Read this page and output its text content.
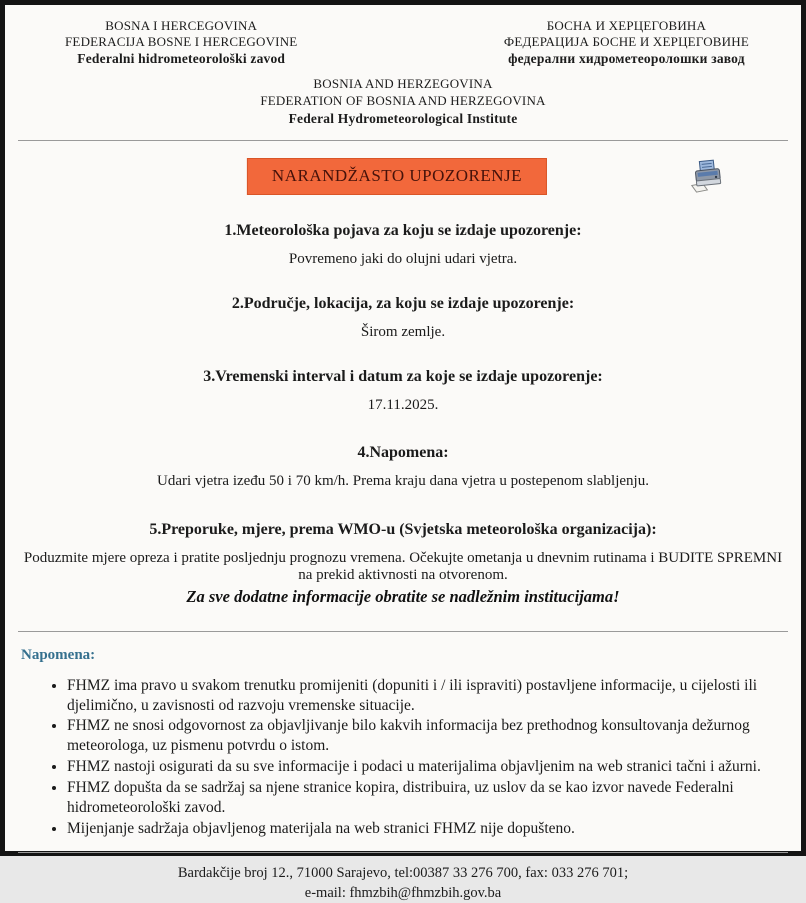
BOSNA I HERCEGOVINA
FEDERACIJA BOSNE I HERCEGOVINE
Federalni hidrometeorološki zavod
БОСНА И ХЕРЦЕГОВИНА
ФЕДЕРАЦИЈА БОСНЕ И ХЕРЦЕГОВИНЕ
федерални хидрометеоролошки завод
BOSNIA AND HERZEGOVINA
FEDERATION OF BOSNIA AND HERZEGOVINA
Federal Hydrometeorological Institute
NARANDŽASTO UPOZORENJE
1.Meteorološka pojava za koju se izdaje upozorenje:
Povremeno jaki do olujni udari vjetra.
2.Područje, lokacija, za koju se izdaje upozorenje:
Širom zemlje.
3.Vremenski interval i datum za koje se izdaje upozorenje:
17.11.2025.
4.Napomena:
Udari vjetra izeđu 50 i 70 km/h. Prema kraju dana vjetra u postepenom slabljenju.
5.Preporuke, mjere, prema WMO-u (Svjetska meteorološka organizacija):
Poduzmite mjere opreza i pratite posljednju prognozu vremena. Očekujte ometanja u dnevnim rutinama i BUDITE SPREMNI na prekid aktivnosti na otvorenom.
Za sve dodatne informacije obratite se nadležnim institucijama!
Napomena:
• FHMZ ima pravo u svakom trenutku promijeniti (dopuniti i / ili ispraviti) postavljene informacije, u cijelosti ili djelimično, u zavisnosti od razvoju vremenske situacije.
• FHMZ ne snosi odgovornost za objavljivanje bilo kakvih informacija bez prethodnog konsultovanja dežurnog meteorologa, uz pismenu potvrdu o istom.
• FHMZ nastoji osigurati da su sve informacije i podaci u materijalima objavljenim na web stranici tačni i ažurni.
• FHMZ dopušta da se sadržaj sa njene stranice kopira, distribuira, uz uslov da se kao izvor navede Federalni hidrometeorološki zavod.
• Mijenjanje sadržaja objavljenog materijala na web stranici FHMZ nije dopušteno.
Bardakčije broj 12., 71000 Sarajevo, tel:00387 33 276 700, fax: 033 276 701;
e-mail: fhmzbih@fhmzbih.gov.ba
